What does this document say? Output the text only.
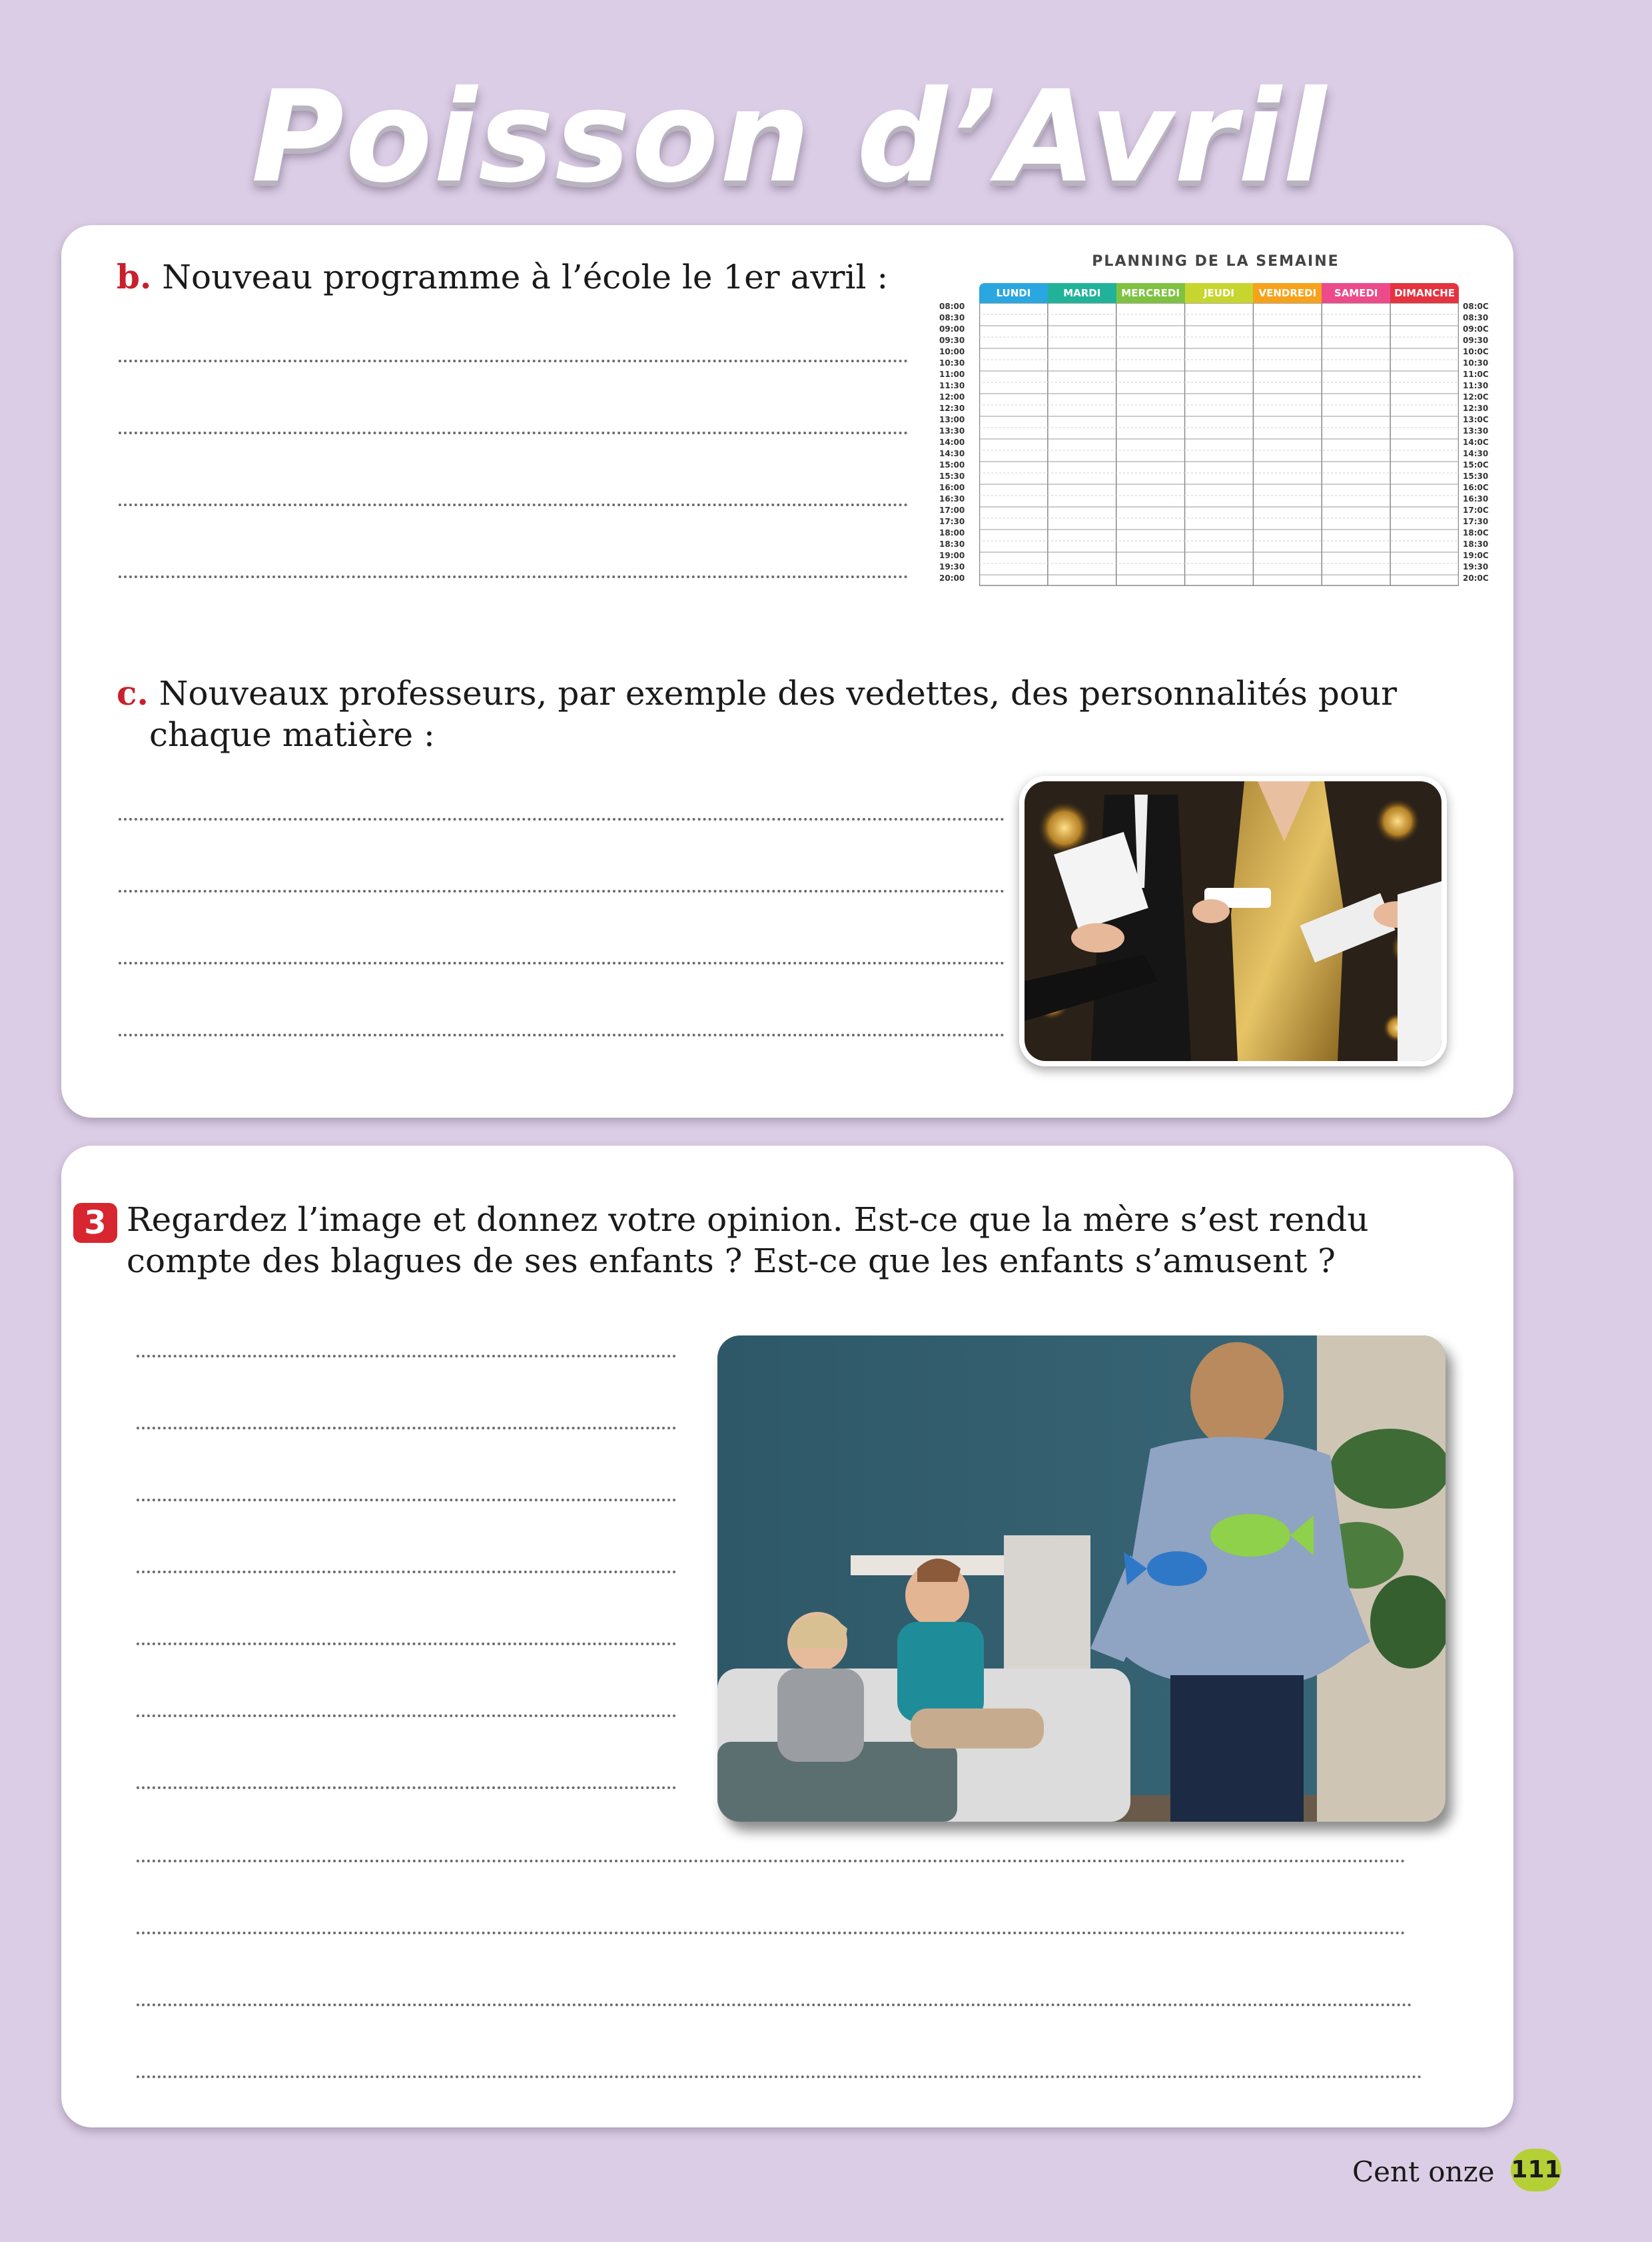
Poisson d’Avril
b. Nouveau programme à l’école le 1er avril :	PLANNING DE LA SEMAINE
LUNDI	MARDI	MERCREDI	JEUDI	VENDREDI	SAMEDI	DIMANCHE
08:00	08:0C
08:30	08:30
09:00	09:0C
09:30	09:30
10:00	10:0C
10:30	10:30
11:00	11:0C
11:30	11:30
12:00	12:0C
12:30	12:30
13:00	13:0C
13:30	13:30
14:00	14:0C
14:30	14:30
15:00	15:0C
15:30	15:30
16:00	16:0C
16:30	16:30
17:00	17:0C
17:30	17:30
18:00	18:0C
18:30	18:30
19:00	19:0C
19:30	19:30
20:00	20:0C
c. Nouveaux professeurs, par exemple des vedettes, des personnalités pour
chaque matière :
3 Regardez l’image et donnez votre opinion. Est-ce que la mère s’est rendu
compte des blagues de ses enfants ? Est-ce que les enfants s’amusent ?
Cent onze 111
